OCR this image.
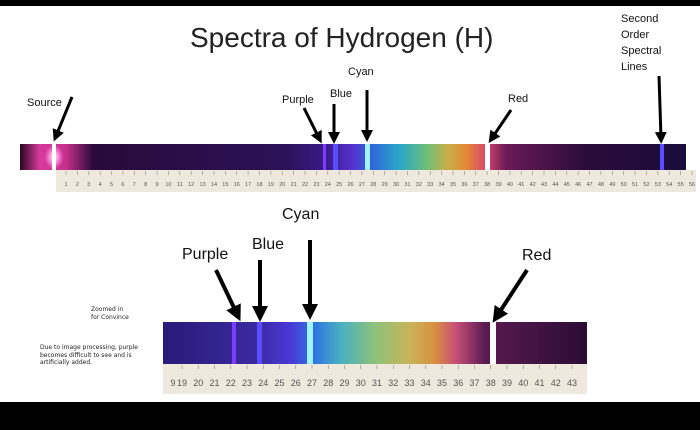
1 2 3 4 5 6 7 8 9 10 11 12 13 14 15 16 17 18 19 20 21 22 23 24 25 26 27 28 29 30 31 32 33 34 35 36 37 38 39 40 41 42 43 44 45 46 47 48 49 50 51 52 53 54 55 56
9 19 20 21 22 23 24 25 26 27 28 29 30 31 32 33 34 35 36 37 38 39 40 41 42 43
Spectra of Hydrogen (H)
Source	Purple Blue
Cyan
Red
Second
Order
Spectral
Lines
Cyan
Purple
Blue
Red
Zoomed in
for Convince
Due to image processing, purple
becomes difficult to see and is
artificially added.
